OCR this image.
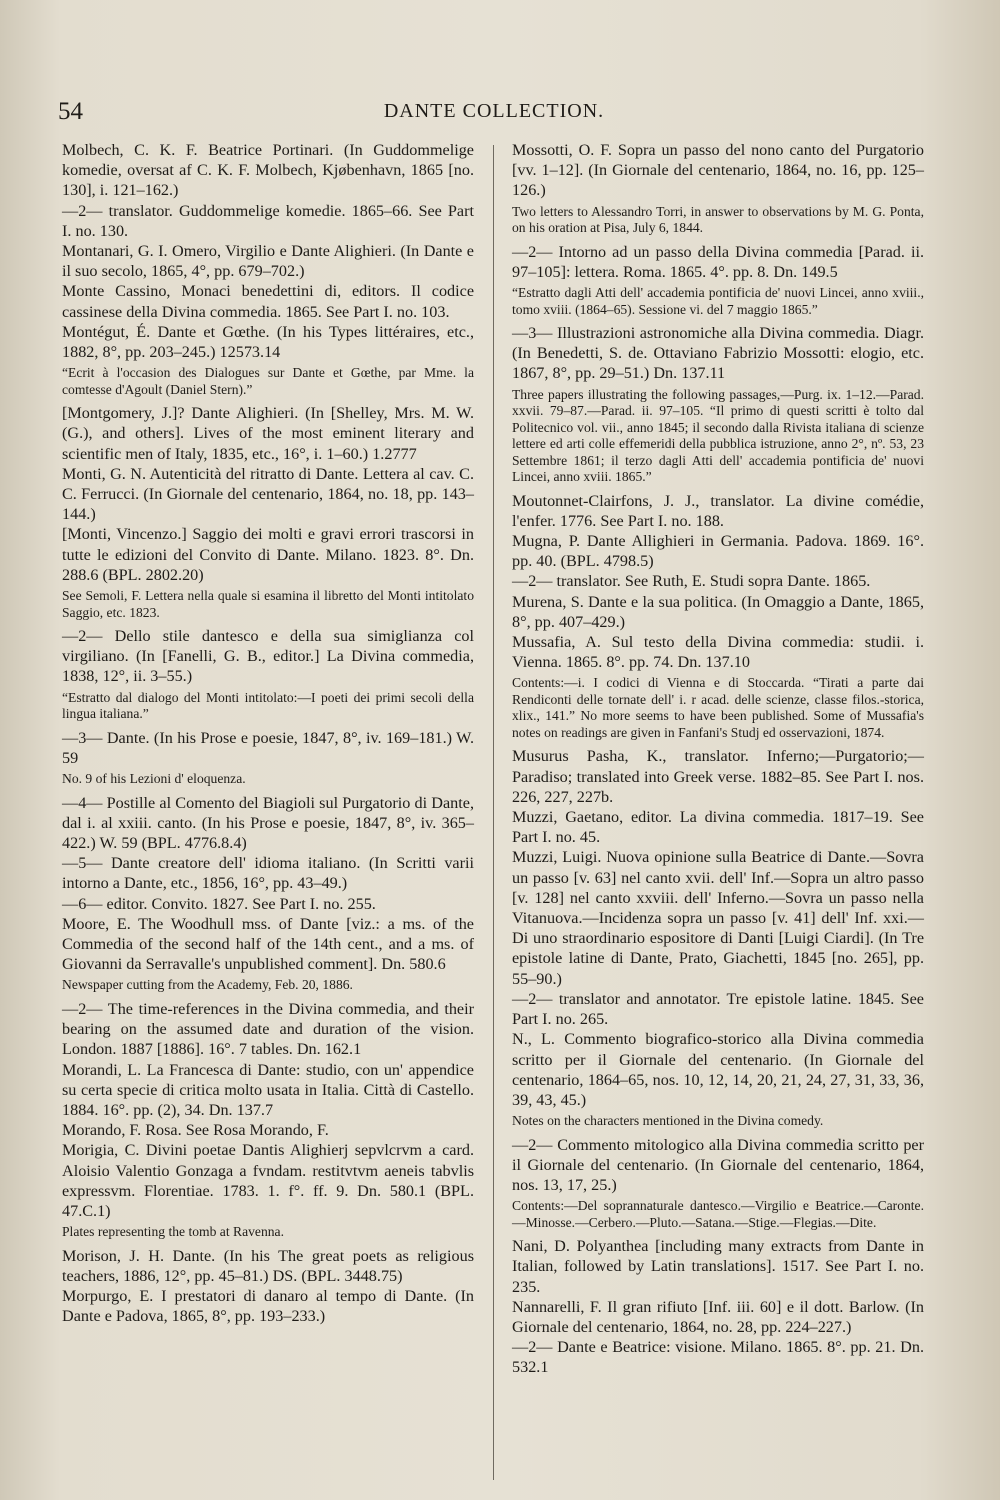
54	DANTE COLLECTION.

Molbech, C. K. F. Beatrice Portinari. (In Guddommelige komedie, oversat af C. K. F. Molbech, Kjøbenhavn, 1865 [no. 130], i. 121–162.)

—2— translator. Guddommelige komedie. 1865–66. See Part I. no. 130.

Montanari, G. I. Omero, Virgilio e Dante Alighieri. (In Dante e il suo secolo, 1865, 4°, pp. 679–702.)

Monte Cassino, Monaci benedettini di, editors. Il codice cassinese della Divina commedia. 1865. See Part I. no. 103.

Montégut, É. Dante et Gœthe. (In his Types littéraires, etc., 1882, 8°, pp. 203–245.) 12573.14

“Ecrit à l'occasion des Dialogues sur Dante et Gœthe, par Mme. la comtesse d'Agoult (Daniel Stern).”

[Montgomery, J.]? Dante Alighieri. (In [Shelley, Mrs. M. W. (G.), and others]. Lives of the most eminent literary and scientific men of Italy, 1835, etc., 16°, i. 1–60.) 1.2777

Monti, G. N. Autenticità del ritratto di Dante. Lettera al cav. C. C. Ferrucci. (In Giornale del centenario, 1864, no. 18, pp. 143–144.)

[Monti, Vincenzo.] Saggio dei molti e gravi errori trascorsi in tutte le edizioni del Convito di Dante. Milano. 1823. 8°. Dn. 288.6 (BPL. 2802.20)

See Semoli, F. Lettera nella quale si esamina il libretto del Monti intitolato Saggio, etc. 1823.

—2— Dello stile dantesco e della sua simiglianza col virgiliano. (In [Fanelli, G. B., editor.] La Divina commedia, 1838, 12°, ii. 3–55.)

“Estratto dal dialogo del Monti intitolato:—I poeti dei primi secoli della lingua italiana.”

—3— Dante. (In his Prose e poesie, 1847, 8°, iv. 169–181.) W. 59

No. 9 of his Lezioni d' eloquenza.

—4— Postille al Comento del Biagioli sul Purgatorio di Dante, dal i. al xxiii. canto. (In his Prose e poesie, 1847, 8°, iv. 365–422.) W. 59 (BPL. 4776.8.4)

—5— Dante creatore dell' idioma italiano. (In Scritti varii intorno a Dante, etc., 1856, 16°, pp. 43–49.)

—6— editor. Convito. 1827. See Part I. no. 255.

Moore, E. The Woodhull mss. of Dante [viz.: a ms. of the Commedia of the second half of the 14th cent., and a ms. of Giovanni da Serravalle's unpublished comment]. Dn. 580.6

Newspaper cutting from the Academy, Feb. 20, 1886.

—2— The time-references in the Divina commedia, and their bearing on the assumed date and duration of the vision. London. 1887 [1886]. 16°. 7 tables. Dn. 162.1

Morandi, L. La Francesca di Dante: studio, con un' appendice su certa specie di critica molto usata in Italia. Città di Castello. 1884. 16°. pp. (2), 34. Dn. 137.7

Morando, F. Rosa. See Rosa Morando, F.

Morigia, C. Divini poetae Dantis Alighierj sepvlcrvm a card. Aloisio Valentio Gonzaga a fvndam. restitvtvm aeneis tabvlis expressvm. Florentiae. 1783. 1. f°. ff. 9. Dn. 580.1 (BPL. 47.C.1)

Plates representing the tomb at Ravenna.

Morison, J. H. Dante. (In his The great poets as religious teachers, 1886, 12°, pp. 45–81.) DS. (BPL. 3448.75)

Morpurgo, E. I prestatori di danaro al tempo di Dante. (In Dante e Padova, 1865, 8°, pp. 193–233.)

Mossotti, O. F. Sopra un passo del nono canto del Purgatorio [vv. 1–12]. (In Giornale del centenario, 1864, no. 16, pp. 125–126.)

Two letters to Alessandro Torri, in answer to observations by M. G. Ponta, on his oration at Pisa, July 6, 1844.

—2— Intorno ad un passo della Divina commedia [Parad. ii. 97–105]: lettera. Roma. 1865. 4°. pp. 8. Dn. 149.5

“Estratto dagli Atti dell' accademia pontificia de' nuovi Lincei, anno xviii., tomo xviii. (1864–65). Sessione vi. del 7 maggio 1865.”

—3— Illustrazioni astronomiche alla Divina commedia. Diagr. (In Benedetti, S. de. Ottaviano Fabrizio Mossotti: elogio, etc. 1867, 8°, pp. 29–51.) Dn. 137.11

Three papers illustrating the following passages,—Purg. ix. 1–12.—Parad. xxvii. 79–87.—Parad. ii. 97–105. “Il primo di questi scritti è tolto dal Politecnico vol. vii., anno 1845; il secondo dalla Rivista italiana di scienze lettere ed arti colle effemeridi della pubblica istruzione, anno 2°, nº. 53, 23 Settembre 1861; il terzo dagli Atti dell' accademia pontificia de' nuovi Lincei, anno xviii. 1865.”

Moutonnet-Clairfons, J. J., translator. La divine comédie, l'enfer. 1776. See Part I. no. 188.

Mugna, P. Dante Allighieri in Germania. Padova. 1869. 16°. pp. 40. (BPL. 4798.5)

—2— translator. See Ruth, E. Studi sopra Dante. 1865.

Murena, S. Dante e la sua politica. (In Omaggio a Dante, 1865, 8°, pp. 407–429.)

Mussafia, A. Sul testo della Divina commedia: studii. i. Vienna. 1865. 8°. pp. 74. Dn. 137.10

Contents:—i. I codici di Vienna e di Stoccarda. “Tirati a parte dai Rendiconti delle tornate dell' i. r acad. delle scienze, classe filos.-storica, xlix., 141.” No more seems to have been published. Some of Mussafia's notes on readings are given in Fanfani's Studj ed osservazioni, 1874.

Musurus Pasha, K., translator. Inferno;—Purgatorio;—Paradiso; translated into Greek verse. 1882–85. See Part I. nos. 226, 227, 227b.

Muzzi, Gaetano, editor. La divina commedia. 1817–19. See Part I. no. 45.

Muzzi, Luigi. Nuova opinione sulla Beatrice di Dante.—Sovra un passo [v. 63] nel canto xvii. dell' Inf.—Sopra un altro passo [v. 128] nel canto xxviii. dell' Inferno.—Sovra un passo nella Vitanuova.—Incidenza sopra un passo [v. 41] dell' Inf. xxi.—Di uno straordinario espositore di Danti [Luigi Ciardi]. (In Tre epistole latine di Dante, Prato, Giachetti, 1845 [no. 265], pp. 55–90.)

—2— translator and annotator. Tre epistole latine. 1845. See Part I. no. 265.

N., L. Commento biografico-storico alla Divina commedia scritto per il Giornale del centenario. (In Giornale del centenario, 1864–65, nos. 10, 12, 14, 20, 21, 24, 27, 31, 33, 36, 39, 43, 45.)

Notes on the characters mentioned in the Divina comedy.

—2— Commento mitologico alla Divina commedia scritto per il Giornale del centenario. (In Giornale del centenario, 1864, nos. 13, 17, 25.)

Contents:—Del soprannaturale dantesco.—Virgilio e Beatrice.—Caronte.—Minosse.—Cerbero.—Pluto.—Satana.—Stige.—Flegias.—Dite.

Nani, D. Polyanthea [including many extracts from Dante in Italian, followed by Latin translations]. 1517. See Part I. no. 235.

Nannarelli, F. Il gran rifiuto [Inf. iii. 60] e il dott. Barlow. (In Giornale del centenario, 1864, no. 28, pp. 224–227.)

—2— Dante e Beatrice: visione. Milano. 1865. 8°. pp. 21. Dn. 532.1
